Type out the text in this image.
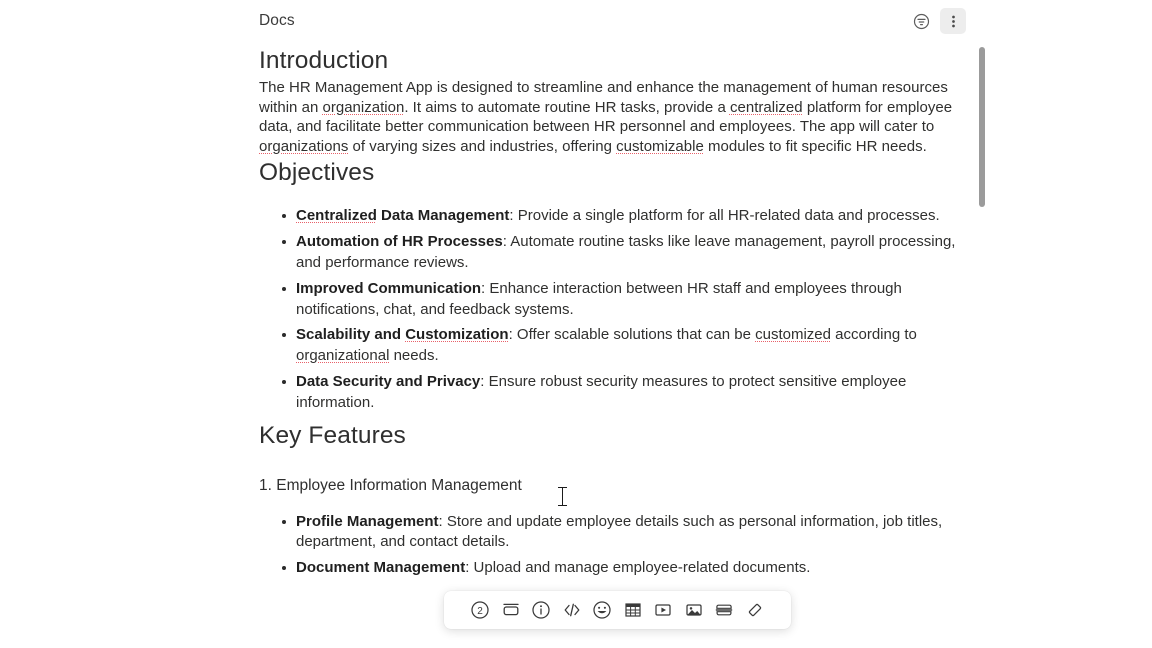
Docs
Introduction

The HR Management App is designed to streamline and enhance the management of human resources within an organization. It aims to automate routine HR tasks, provide a centralized platform for employee data, and facilitate better communication between HR personnel and employees. The app will cater to organizations of varying sizes and industries, offering customizable modules to fit specific HR needs.

Objectives
Centralized Data Management: Provide a single platform for all HR-related data and processes.
Automation of HR Processes: Automate routine tasks like leave management, payroll processing, and performance reviews.
Improved Communication: Enhance interaction between HR staff and employees through notifications, chat, and feedback systems.
Scalability and Customization: Offer scalable solutions that can be customized according to organizational needs.
Data Security and Privacy: Ensure robust security measures to protect sensitive employee information.
Key Features
1. Employee Information Management
Profile Management: Store and update employee details such as personal information, job titles, department, and contact details.
Document Management: Upload and manage employee-related documents.
2
